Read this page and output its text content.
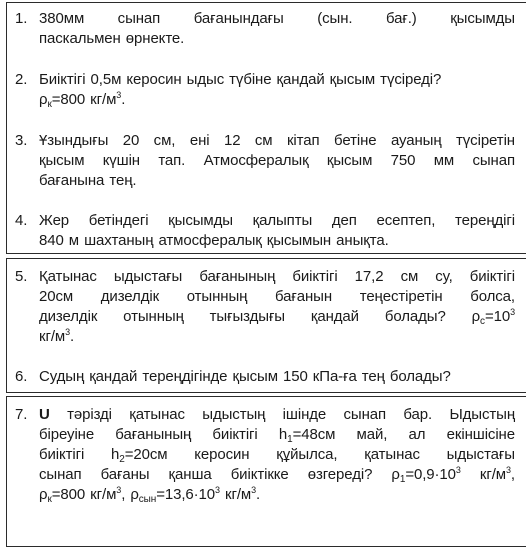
1. 380мм сынап бағанындағы (сын. бағ.) қысымды
паскальмен өрнекте.
2. Биіктігі 0,5м керосин ыдыс түбіне қандай қысым түсіреді?
$\rho_к=800$ $кг/м^3$.
3. Ұзындығы 20 см, ені 12 см кітап бетіне ауаның түсіретін
қысым күшін тап. Атмосфералық қысым 750 мм сынап
бағанына тең.
4. Жер бетіндегі қысымды қалыпты деп есептеп, тереңдігі
840 м шахтаның атмосфералық қысымын анықта.
5. Қатынас ыдыстағы бағанының биіктігі 17,2 см су, биіктігі
20см дизелдік отынның бағанын теңестіретін болса,
дизелдік отынның тығыздығы қандай болады? $\rho_с=10^3$
$кг/м^3$.
6. Судың қандай тереңдігінде қысым 150 кПа-ға тең болады?
7. U тәрізді қатынас ыдыстың ішінде сынап бар. Ыдыстың
біреуіне бағанының биіктігі $h_1=48см$ май, ал екіншісіне
биіктігі $h_2=20см$ керосин құйылса, қатынас ыдыстағы
сынап бағаны қанша биіктікке өзгереді? $\rho_1=0,9\cdot 10^3$ $кг/м^3$,
$\rho_к=800$ $кг/м^3$, $\rho_{сын}=13,6\cdot 10^3$ $кг/м^3$.
